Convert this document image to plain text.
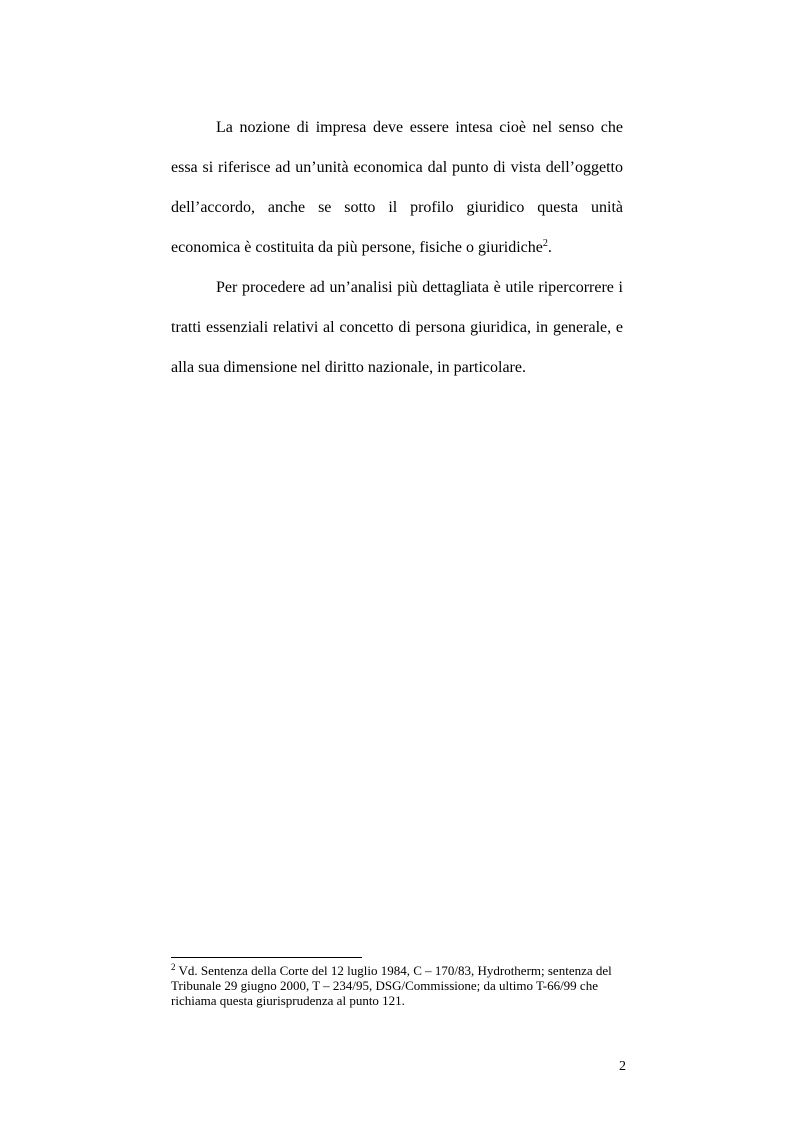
La nozione di impresa deve essere intesa cioè nel senso che essa si riferisce ad un’unità economica dal punto di vista dell’oggetto dell’accordo, anche se sotto il profilo giuridico questa unità economica è costituita da più persone, fisiche o giuridiche$^2$.

Per procedere ad un’analisi più dettagliata è utile ripercorrere i tratti essenziali relativi al concetto di persona giuridica, in generale, e alla sua dimensione nel diritto nazionale, in particolare.

$^2$ Vd. Sentenza della Corte del 12 luglio 1984, C – 170/83, Hydrotherm; sentenza del Tribunale 29 giugno 2000, T – 234/95, DSG/Commissione; da ultimo T-66/99 che richiama questa giurisprudenza al punto 121.

2
